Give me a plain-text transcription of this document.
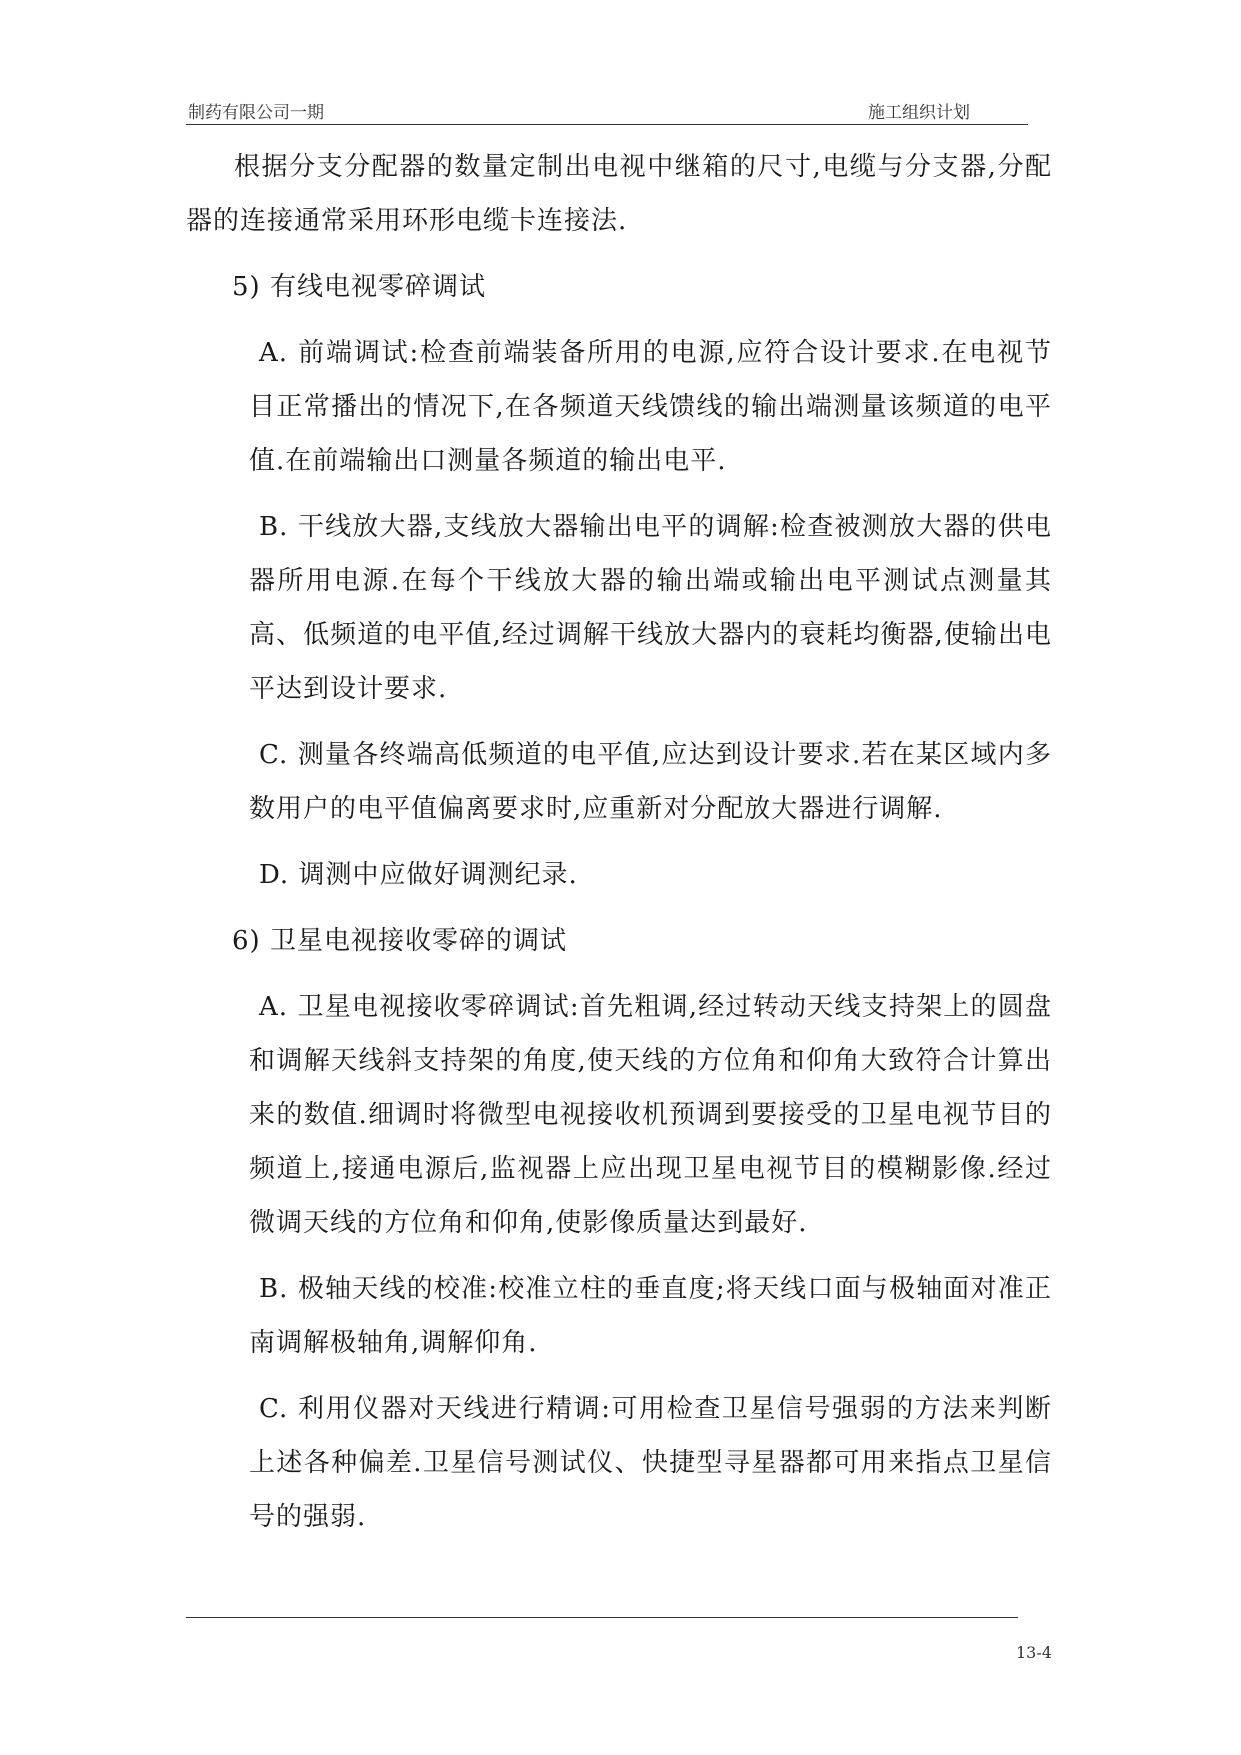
制药有限公司一期	施工组织计划

根据分支分配器的数量定制出电视中继箱的尺寸,电缆与分支器,分配器的连接通常采用环形电缆卡连接法.

5) 有线电视零碎调试

A. 前端调试:检查前端装备所用的电源,应符合设计要求.在电视节目正常播出的情况下,在各频道天线馈线的输出端测量该频道的电平值.在前端输出口测量各频道的输出电平.

B. 干线放大器,支线放大器输出电平的调解:检查被测放大器的供电器所用电源.在每个干线放大器的输出端或输出电平测试点测量其高、低频道的电平值,经过调解干线放大器内的衰耗均衡器,使输出电平达到设计要求.

C. 测量各终端高低频道的电平值,应达到设计要求.若在某区域内多数用户的电平值偏离要求时,应重新对分配放大器进行调解.

D. 调测中应做好调测纪录.

6) 卫星电视接收零碎的调试

A. 卫星电视接收零碎调试:首先粗调,经过转动天线支持架上的圆盘和调解天线斜支持架的角度,使天线的方位角和仰角大致符合计算出来的数值.细调时将微型电视接收机预调到要接受的卫星电视节目的频道上,接通电源后,监视器上应出现卫星电视节目的模糊影像.经过微调天线的方位角和仰角,使影像质量达到最好.

B. 极轴天线的校准:校准立柱的垂直度;将天线口面与极轴面对准正南调解极轴角,调解仰角.

C. 利用仪器对天线进行精调:可用检查卫星信号强弱的方法来判断上述各种偏差.卫星信号测试仪、快捷型寻星器都可用来指点卫星信号的强弱.

13-4
